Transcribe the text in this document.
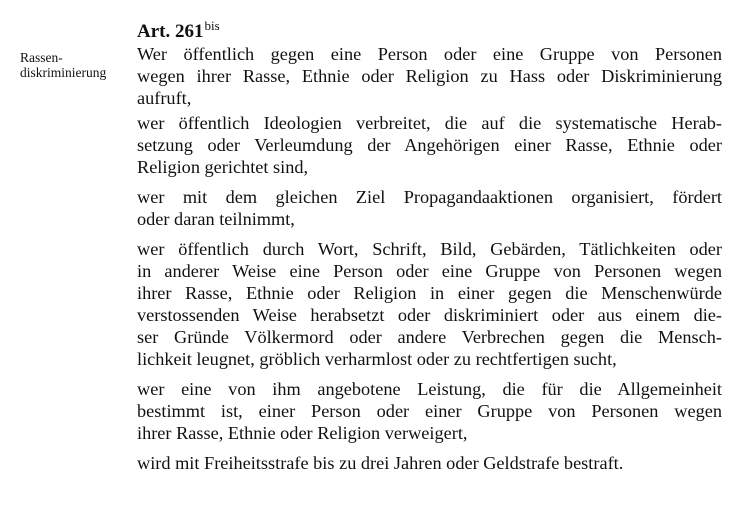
Art. $261^{bis}$
Rassen-
diskriminierung
Wer öffentlich gegen eine Person oder eine Gruppe von Personen
wegen ihrer Rasse, Ethnie oder Religion zu Hass oder Diskriminierung
aufruft,
wer öffentlich Ideologien verbreitet, die auf die systematische Herab-
setzung oder Verleumdung der Angehörigen einer Rasse, Ethnie oder
Religion gerichtet sind,
wer mit dem gleichen Ziel Propagandaaktionen organisiert, fördert
oder daran teilnimmt,
wer öffentlich durch Wort, Schrift, Bild, Gebärden, Tätlichkeiten oder
in anderer Weise eine Person oder eine Gruppe von Personen wegen
ihrer Rasse, Ethnie oder Religion in einer gegen die Menschenwürde
verstossenden Weise herabsetzt oder diskriminiert oder aus einem die-
ser Gründe Völkermord oder andere Verbrechen gegen die Mensch-
lichkeit leugnet, gröblich verharmlost oder zu rechtfertigen sucht,
wer eine von ihm angebotene Leistung, die für die Allgemeinheit
bestimmt ist, einer Person oder einer Gruppe von Personen wegen
ihrer Rasse, Ethnie oder Religion verweigert,
wird mit Freiheitsstrafe bis zu drei Jahren oder Geldstrafe bestraft.
